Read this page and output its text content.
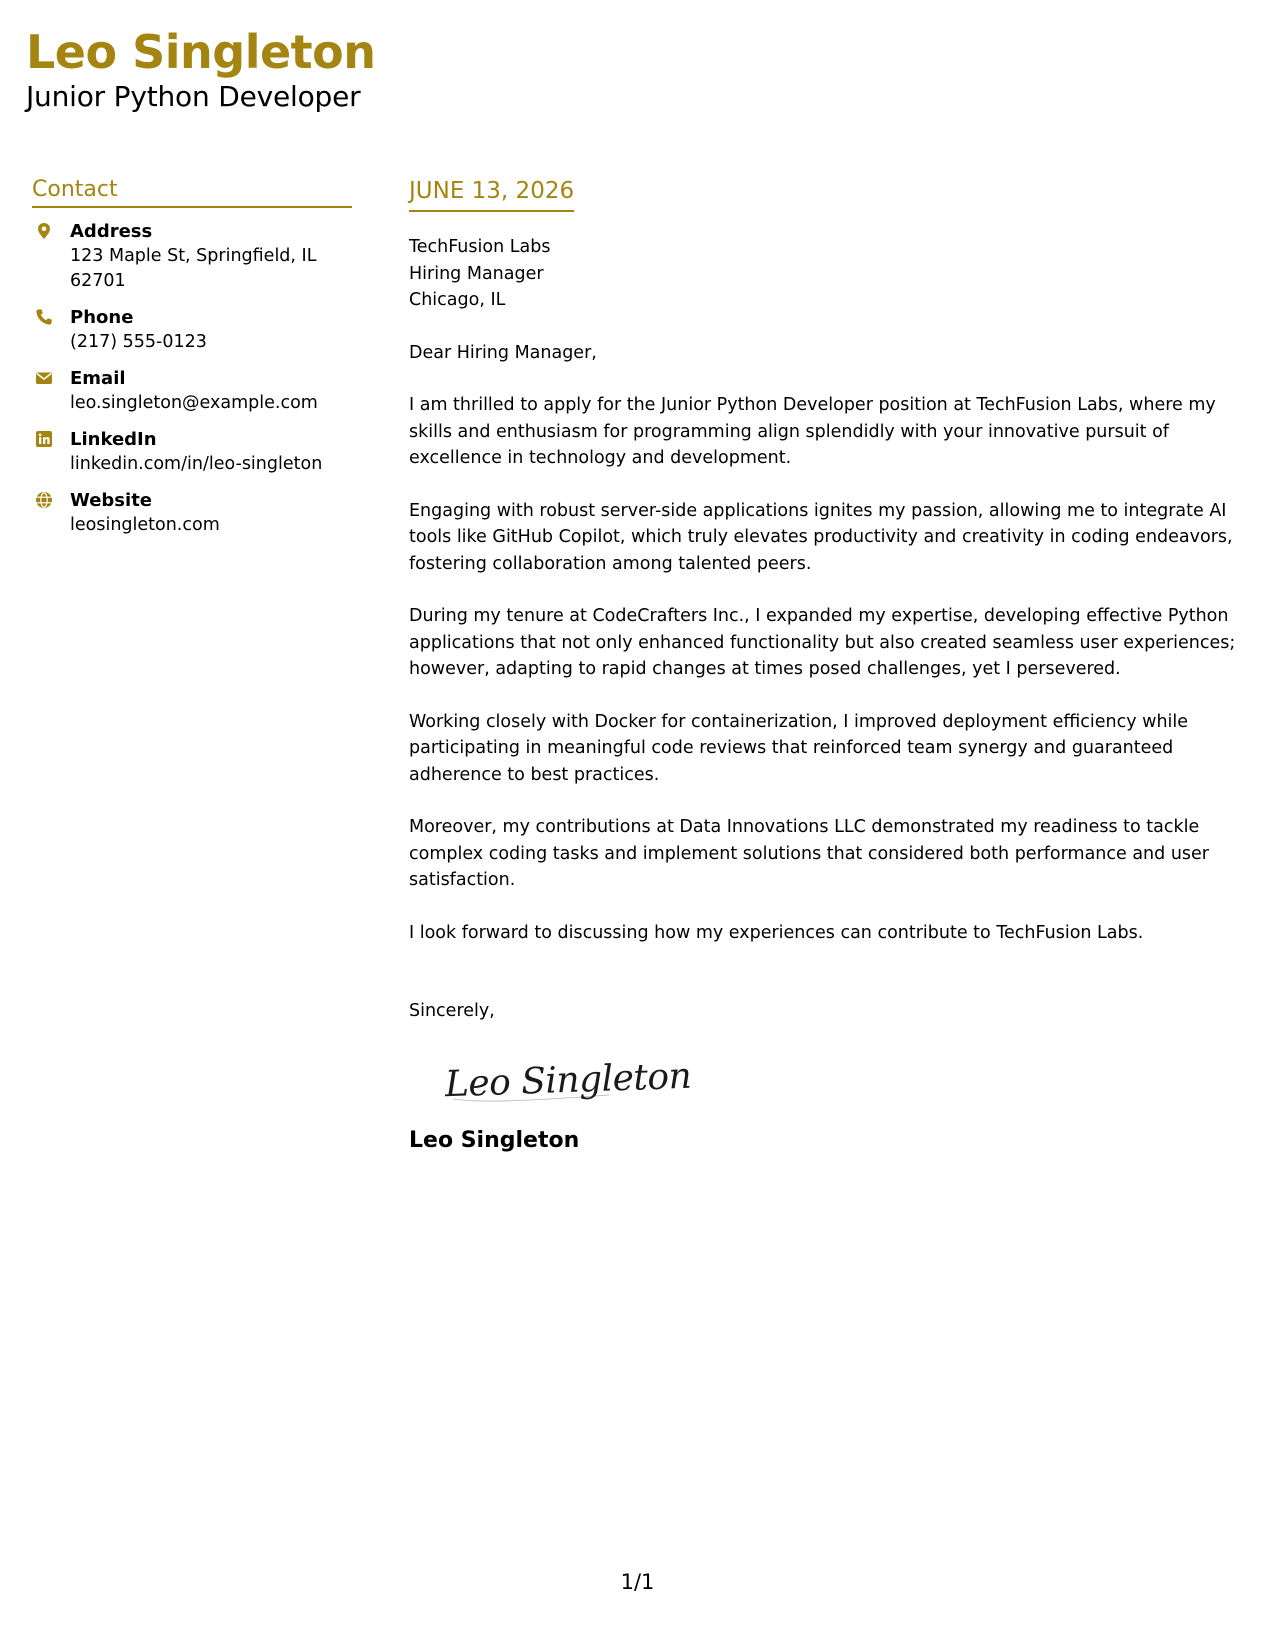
Leo Singleton
Junior Python Developer
Contact
Address
123 Maple St, Springfield, IL 62701
Phone
(217) 555-0123
Email
leo.singleton@example.com
LinkedIn
linkedin.com/in/leo-singleton
Website
leosingleton.com
JUNE 13, 2026
TechFusion Labs
Hiring Manager
Chicago, IL
Dear Hiring Manager,
I am thrilled to apply for the Junior Python Developer position at TechFusion Labs, where my skills and enthusiasm for programming align splendidly with your innovative pursuit of excellence in technology and development.
Engaging with robust server-side applications ignites my passion, allowing me to integrate AI tools like GitHub Copilot, which truly elevates productivity and creativity in coding endeavors, fostering collaboration among talented peers.
During my tenure at CodeCrafters Inc., I expanded my expertise, developing effective Python applications that not only enhanced functionality but also created seamless user experiences; however, adapting to rapid changes at times posed challenges, yet I persevered.
Working closely with Docker for containerization, I improved deployment efficiency while participating in meaningful code reviews that reinforced team synergy and guaranteed adherence to best practices.
Moreover, my contributions at Data Innovations LLC demonstrated my readiness to tackle complex coding tasks and implement solutions that considered both performance and user satisfaction.
I look forward to discussing how my experiences can contribute to TechFusion Labs.
Sincerely,
Leo Singleton
Leo Singleton
1/1
